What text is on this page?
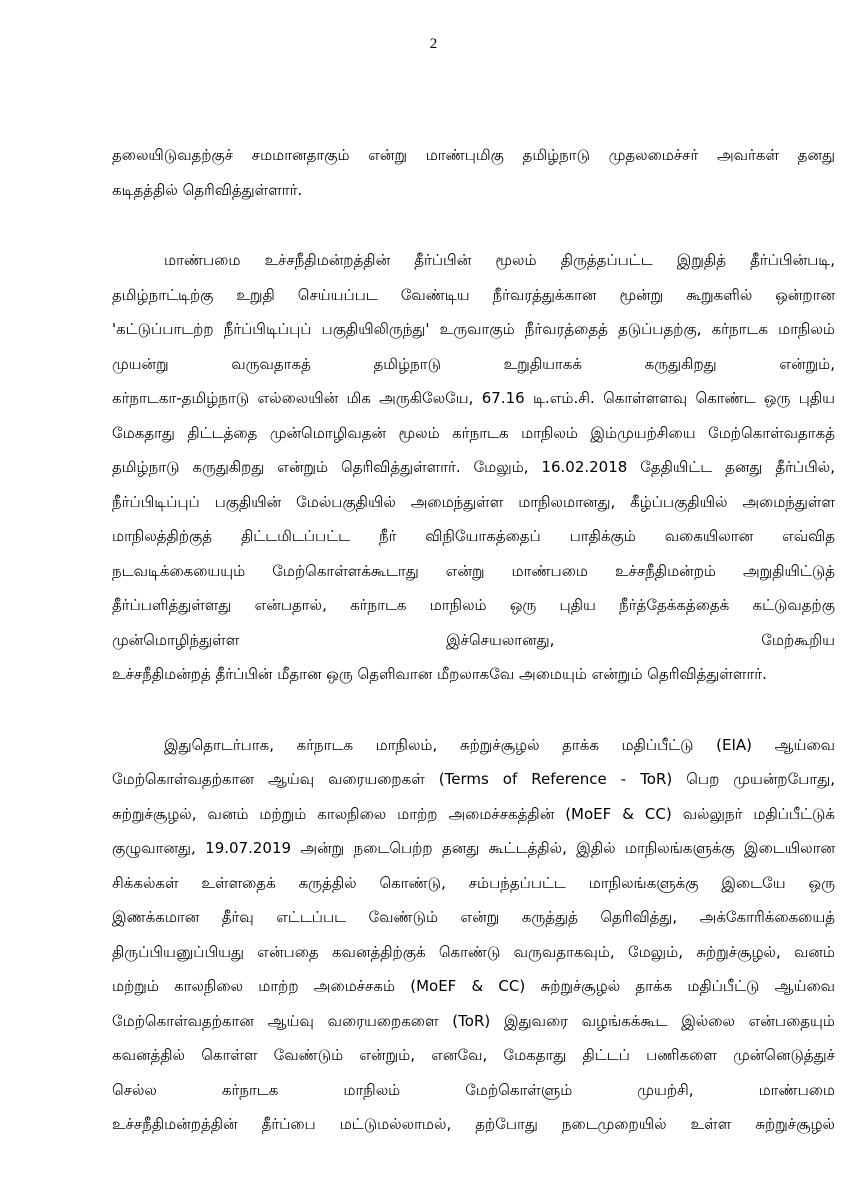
2
தலையிடுவதற்குச் சமமானதாகும் என்று மாண்புமிகு தமிழ்நாடு முதலமைச்சர் அவர்கள் தனது
கடிதத்தில் தெரிவித்துள்ளார்.
மாண்பமை உச்சநீதிமன்றத்தின் தீர்ப்பின் மூலம் திருத்தப்பட்ட இறுதித் தீர்ப்பின்படி,
தமிழ்நாட்டிற்கு உறுதி செய்யப்பட வேண்டிய நீர்வரத்துக்கான மூன்று கூறுகளில் ஒன்றான
'கட்டுப்பாடற்ற நீர்ப்பிடிப்புப் பகுதியிலிருந்து' உருவாகும் நீர்வரத்தைத் தடுப்பதற்கு, கர்நாடக மாநிலம்
முயன்று வருவதாகத் தமிழ்நாடு உறுதியாகக் கருதுகிறது என்றும்,
கர்நாடகா-தமிழ்நாடு எல்லையின் மிக அருகிலேயே, 67.16 டி.எம்.சி. கொள்ளளவு கொண்ட ஒரு புதிய
மேகதாது திட்டத்தை முன்மொழிவதன் மூலம் கர்நாடக மாநிலம் இம்முயற்சியை மேற்கொள்வதாகத்
தமிழ்நாடு கருதுகிறது என்றும் தெரிவித்துள்ளார். மேலும், 16.02.2018 தேதியிட்ட தனது தீர்ப்பில்,
நீர்ப்பிடிப்புப் பகுதியின் மேல்பகுதியில் அமைந்துள்ள மாநிலமானது, கீழ்ப்பகுதியில் அமைந்துள்ள
மாநிலத்திற்குத் திட்டமிடப்பட்ட நீர் விநியோகத்தைப் பாதிக்கும் வகையிலான எவ்வித
நடவடிக்கையையும் மேற்கொள்ளக்கூடாது என்று மாண்பமை உச்சநீதிமன்றம் அறுதியிட்டுத்
தீர்ப்பளித்துள்ளது என்பதால், கர்நாடக மாநிலம் ஒரு புதிய நீர்த்தேக்கத்தைக் கட்டுவதற்கு
முன்மொழிந்துள்ள இச்செயலானது, மேற்கூறிய
உச்சநீதிமன்றத் தீர்ப்பின் மீதான ஒரு தெளிவான மீறலாகவே அமையும் என்றும் தெரிவித்துள்ளார்.
இதுதொடர்பாக, கர்நாடக மாநிலம், சுற்றுச்சூழல் தாக்க மதிப்பீட்டு (EIA) ஆய்வை
மேற்கொள்வதற்கான ஆய்வு வரையறைகள் (Terms of Reference - ToR) பெற முயன்றபோது,
சுற்றுச்சூழல், வனம் மற்றும் காலநிலை மாற்ற அமைச்சகத்தின் (MoEF & CC) வல்லுநர் மதிப்பீட்டுக்
குழுவானது, 19.07.2019 அன்று நடைபெற்ற தனது கூட்டத்தில், இதில் மாநிலங்களுக்கு இடையிலான
சிக்கல்கள் உள்ளதைக் கருத்தில் கொண்டு, சம்பந்தப்பட்ட மாநிலங்களுக்கு இடையே ஒரு
இணக்கமான தீர்வு எட்டப்பட வேண்டும் என்று கருத்துத் தெரிவித்து, அக்கோரிக்கையைத்
திருப்பியனுப்பியது என்பதை கவனத்திற்குக் கொண்டு வருவதாகவும், மேலும், சுற்றுச்சூழல், வனம்
மற்றும் காலநிலை மாற்ற அமைச்சகம் (MoEF & CC) சுற்றுச்சூழல் தாக்க மதிப்பீட்டு ஆய்வை
மேற்கொள்வதற்கான ஆய்வு வரையறைகளை (ToR) இதுவரை வழங்கக்கூட இல்லை என்பதையும்
கவனத்தில் கொள்ள வேண்டும் என்றும், எனவே, மேகதாது திட்டப் பணிகளை முன்னெடுத்துச்
செல்ல கர்நாடக மாநிலம் மேற்கொள்ளும் முயற்சி, மாண்பமை
உச்சநீதிமன்றத்தின் தீர்ப்பை மட்டுமல்லாமல், தற்போது நடைமுறையில் உள்ள சுற்றுச்சூழல்
